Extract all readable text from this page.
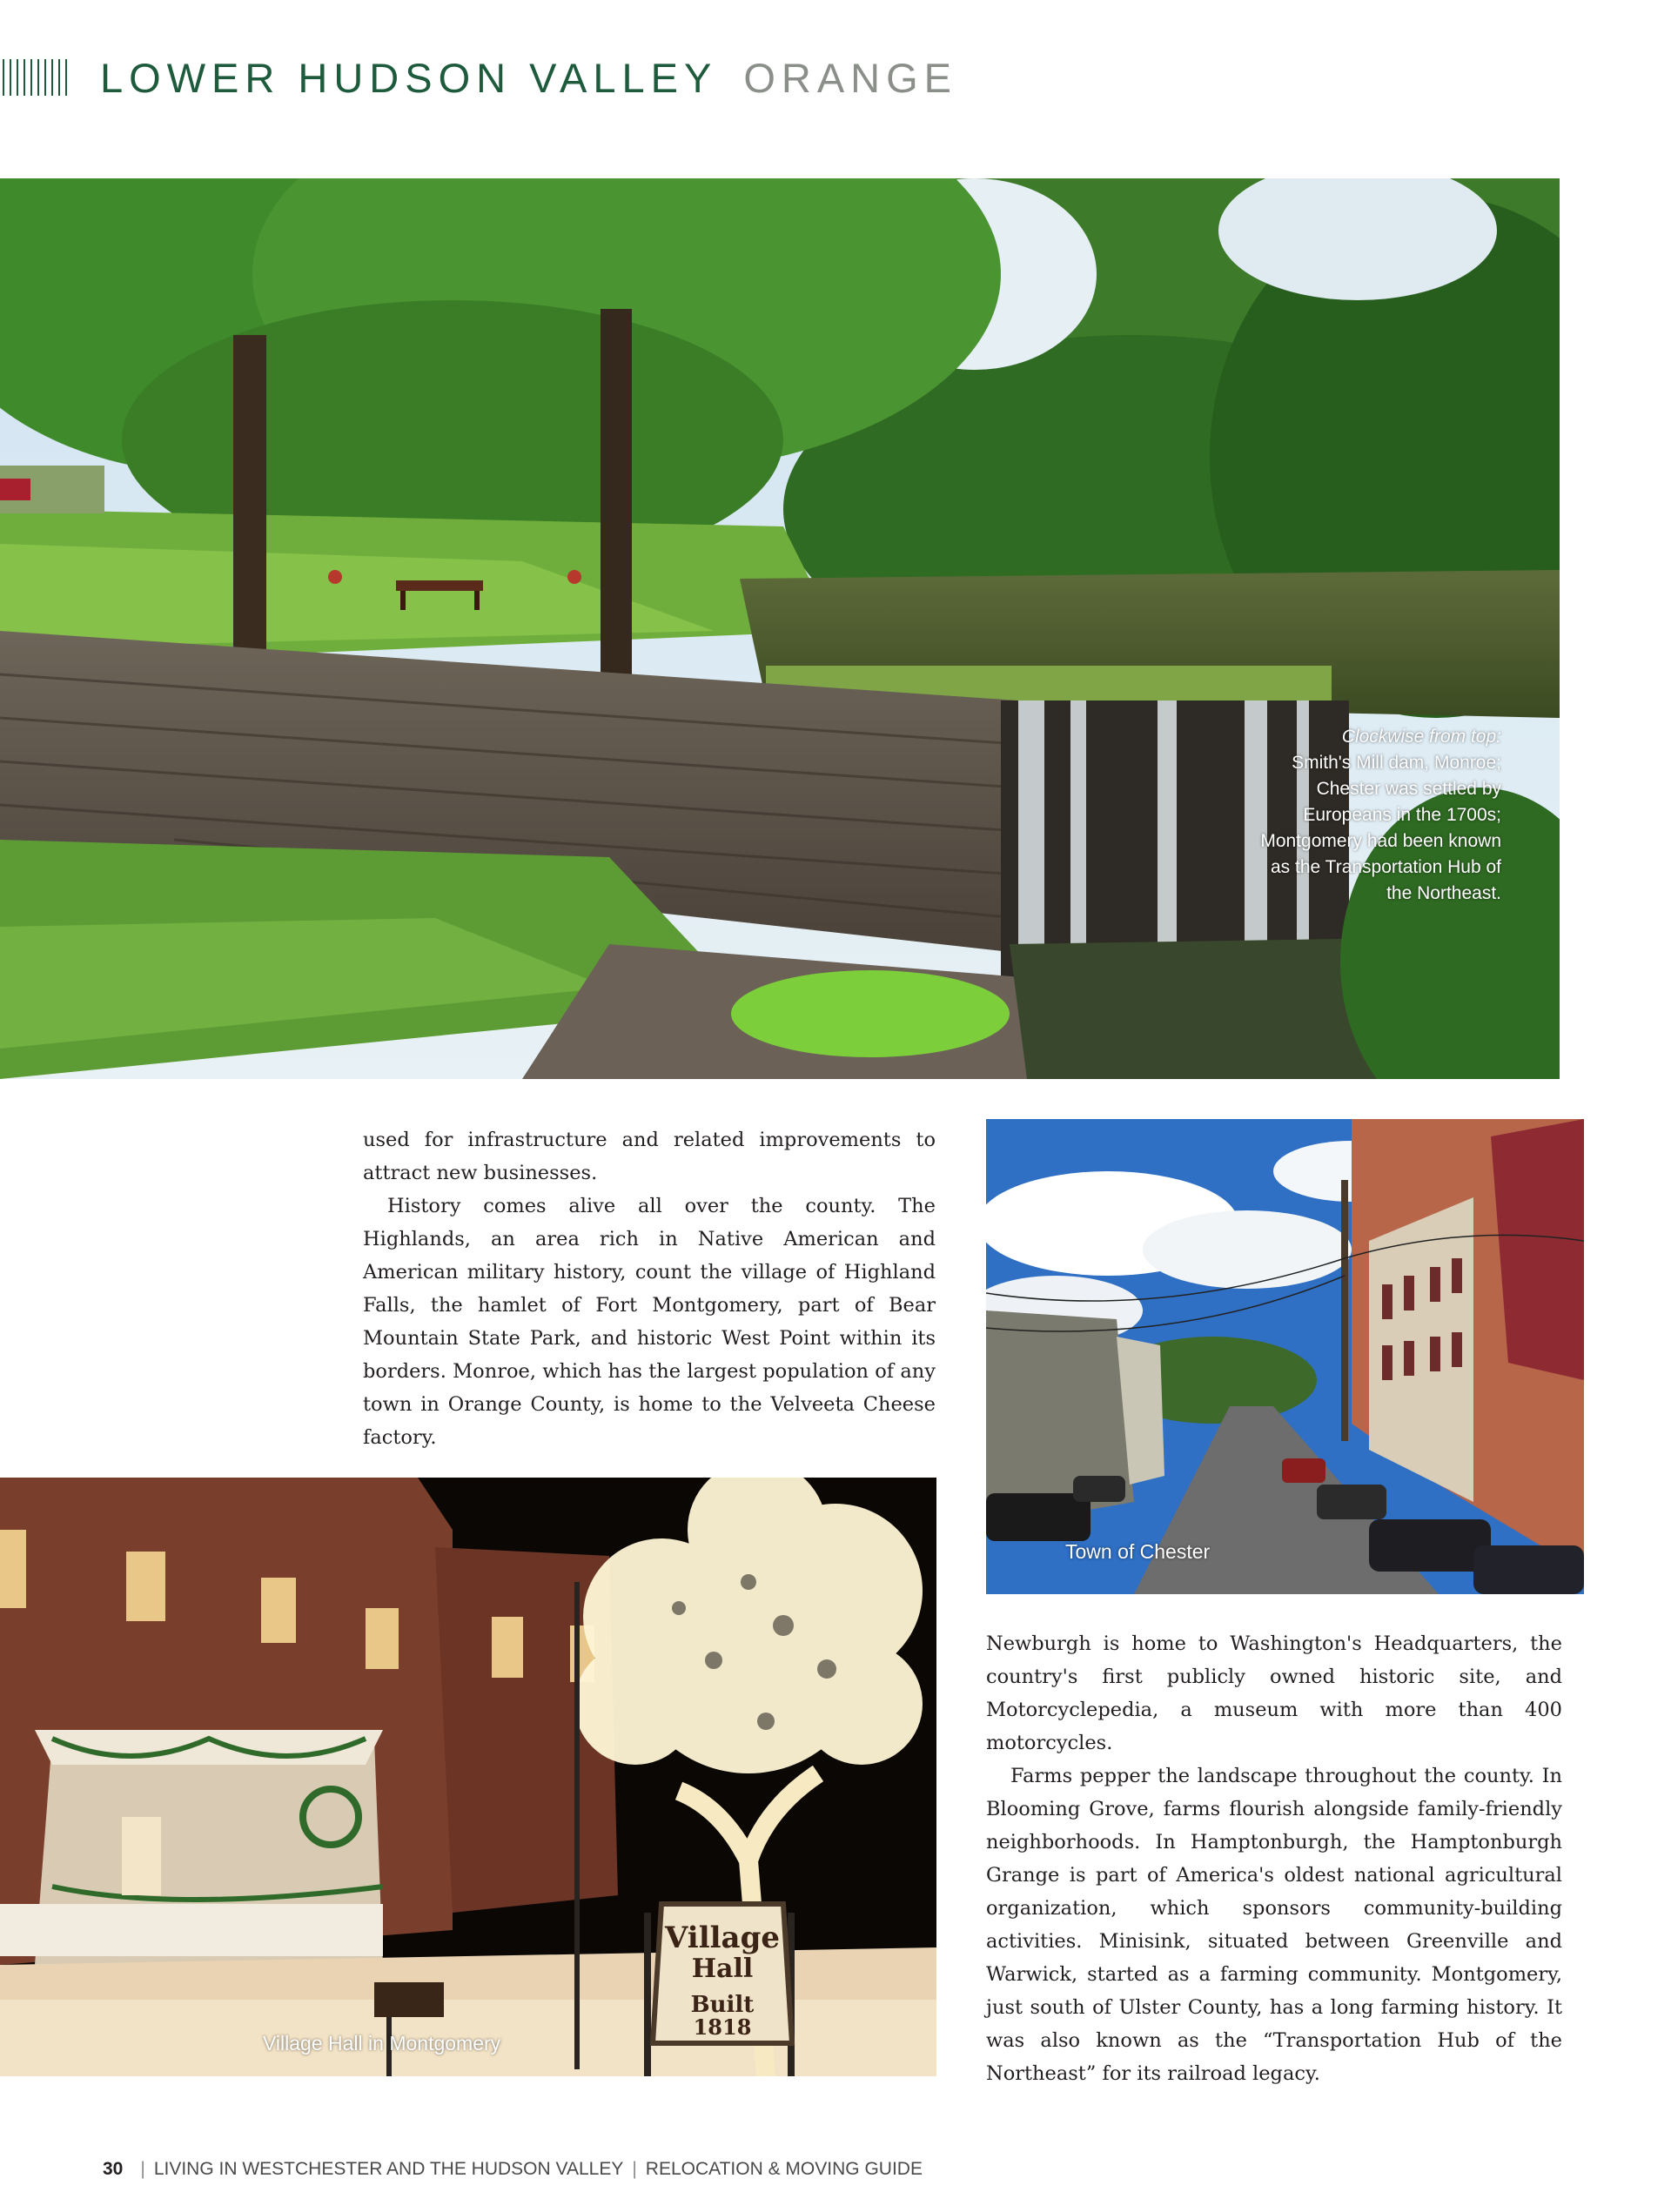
LOWER HUDSON VALLEY ORANGE
Clockwise from top:
Smith's Mill dam, Monroe; Chester was settled by Europeans in the 1700s; Montgomery had been known as the Transportation Hub of the Northeast.

used for infrastructure and related improvements to attract new businesses.

History comes alive all over the county. The Highlands, an area rich in Native American and American military history, count the village of Highland Falls, the hamlet of Fort Montgomery, part of Bear Mountain State Park, and historic West Point within its borders. Monroe, which has the largest population of any town in Orange County, is home to the Velveeta Cheese factory.

Town of Chester
Village
Hall
Built
1818
Village Hall in Montgomery

Newburgh is home to Washington's Headquarters, the country's first publicly owned historic site, and Motorcyclepedia, a museum with more than 400 motorcycles.

Farms pepper the landscape throughout the county. In Blooming Grove, farms flourish alongside family-friendly neighborhoods. In Hamptonburgh, the Hamptonburgh Grange is part of America's oldest national agricultural organization, which sponsors community-building activities. Minisink, situated between Greenville and Warwick, started as a farming community. Montgomery, just south of Ulster County, has a long farming history. It was also known as the “Transportation Hub of the Northeast” for its railroad legacy.

30 | LIVING IN WESTCHESTER AND THE HUDSON VALLEY | RELOCATION & MOVING GUIDE
